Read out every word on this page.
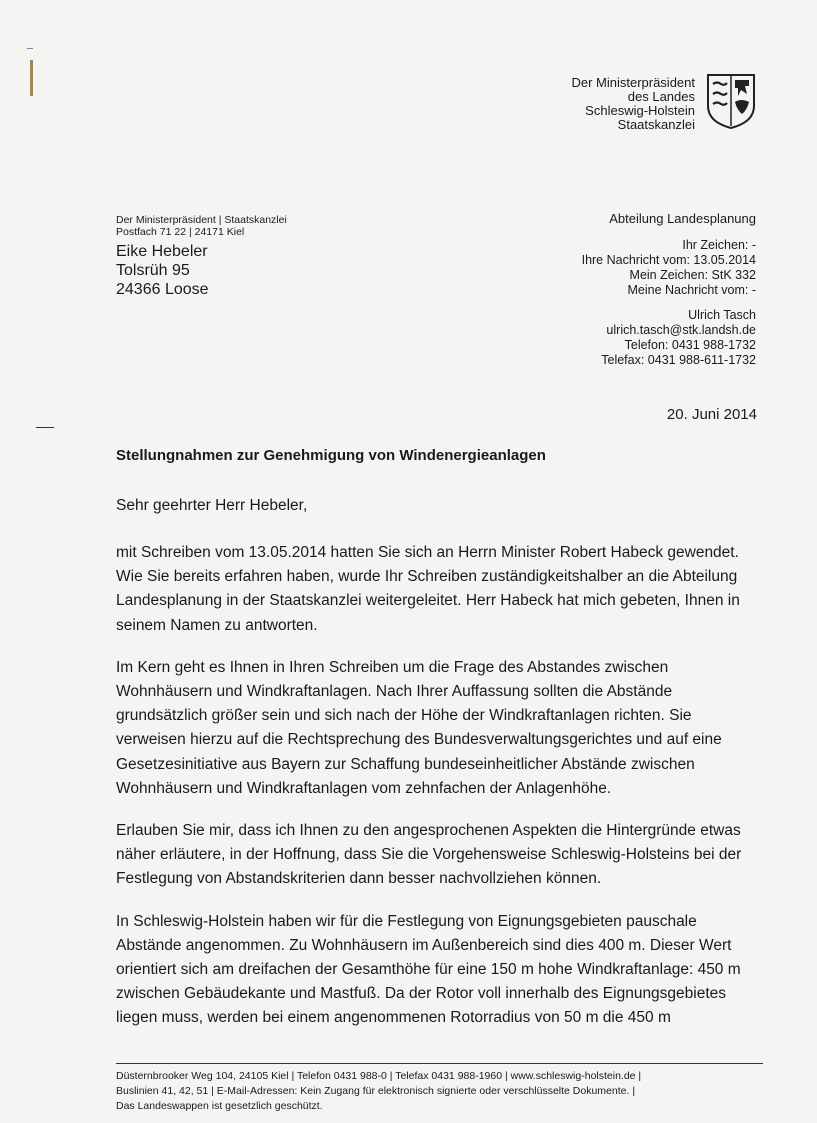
Der Ministerpräsident
des Landes
Schleswig-Holstein
Staatskanzlei
Der Ministerpräsident | Staatskanzlei
Postfach 71 22 | 24171 Kiel
Eike Hebeler
Tolsrüh 95
24366 Loose
Abteilung Landesplanung
Ihr Zeichen: -
Ihre Nachricht vom: 13.05.2014
Mein Zeichen: StK 332
Meine Nachricht vom: -
Ulrich Tasch
ulrich.tasch@stk.landsh.de
Telefon: 0431 988-1732
Telefax: 0431 988-611-1732
20. Juni 2014
Stellungnahmen zur Genehmigung von Windenergieanlagen
Sehr geehrter Herr Hebeler,

mit Schreiben vom 13.05.2014 hatten Sie sich an Herrn Minister Robert Habeck gewendet. Wie Sie bereits erfahren haben, wurde Ihr Schreiben zuständigkeitshalber an die Abteilung Landesplanung in der Staatskanzlei weitergeleitet. Herr Habeck hat mich gebeten, Ihnen in seinem Namen zu antworten.

Im Kern geht es Ihnen in Ihren Schreiben um die Frage des Abstandes zwischen Wohnhäusern und Windkraftanlagen. Nach Ihrer Auffassung sollten die Abstände grundsätzlich größer sein und sich nach der Höhe der Windkraftanlagen richten. Sie verweisen hierzu auf die Rechtsprechung des Bundesverwaltungsgerichtes und auf eine Gesetzesinitiative aus Bayern zur Schaffung bundeseinheitlicher Abstände zwischen Wohnhäusern und Windkraftanlagen vom zehnfachen der Anlagenhöhe.

Erlauben Sie mir, dass ich Ihnen zu den angesprochenen Aspekten die Hintergründe etwas näher erläutere, in der Hoffnung, dass Sie die Vorgehensweise Schleswig-Holsteins bei der Festlegung von Abstandskriterien dann besser nachvollziehen können.

In Schleswig-Holstein haben wir für die Festlegung von Eignungsgebieten pauschale Abstände angenommen. Zu Wohnhäusern im Außenbereich sind dies 400 m. Dieser Wert orientiert sich am dreifachen der Gesamthöhe für eine 150 m hohe Windkraftanlage: 450 m zwischen Gebäudekante und Mastfuß. Da der Rotor voll innerhalb des Eignungsgebietes liegen muss, werden bei einem angenommenen Rotorradius von 50 m die 450 m

Düsternbrooker Weg 104, 24105 Kiel | Telefon 0431 988-0 | Telefax 0431 988-1960 | www.schleswig-holstein.de |
Buslinien 41, 42, 51 | E-Mail-Adressen: Kein Zugang für elektronisch signierte oder verschlüsselte Dokumente. |
Das Landeswappen ist gesetzlich geschützt.
